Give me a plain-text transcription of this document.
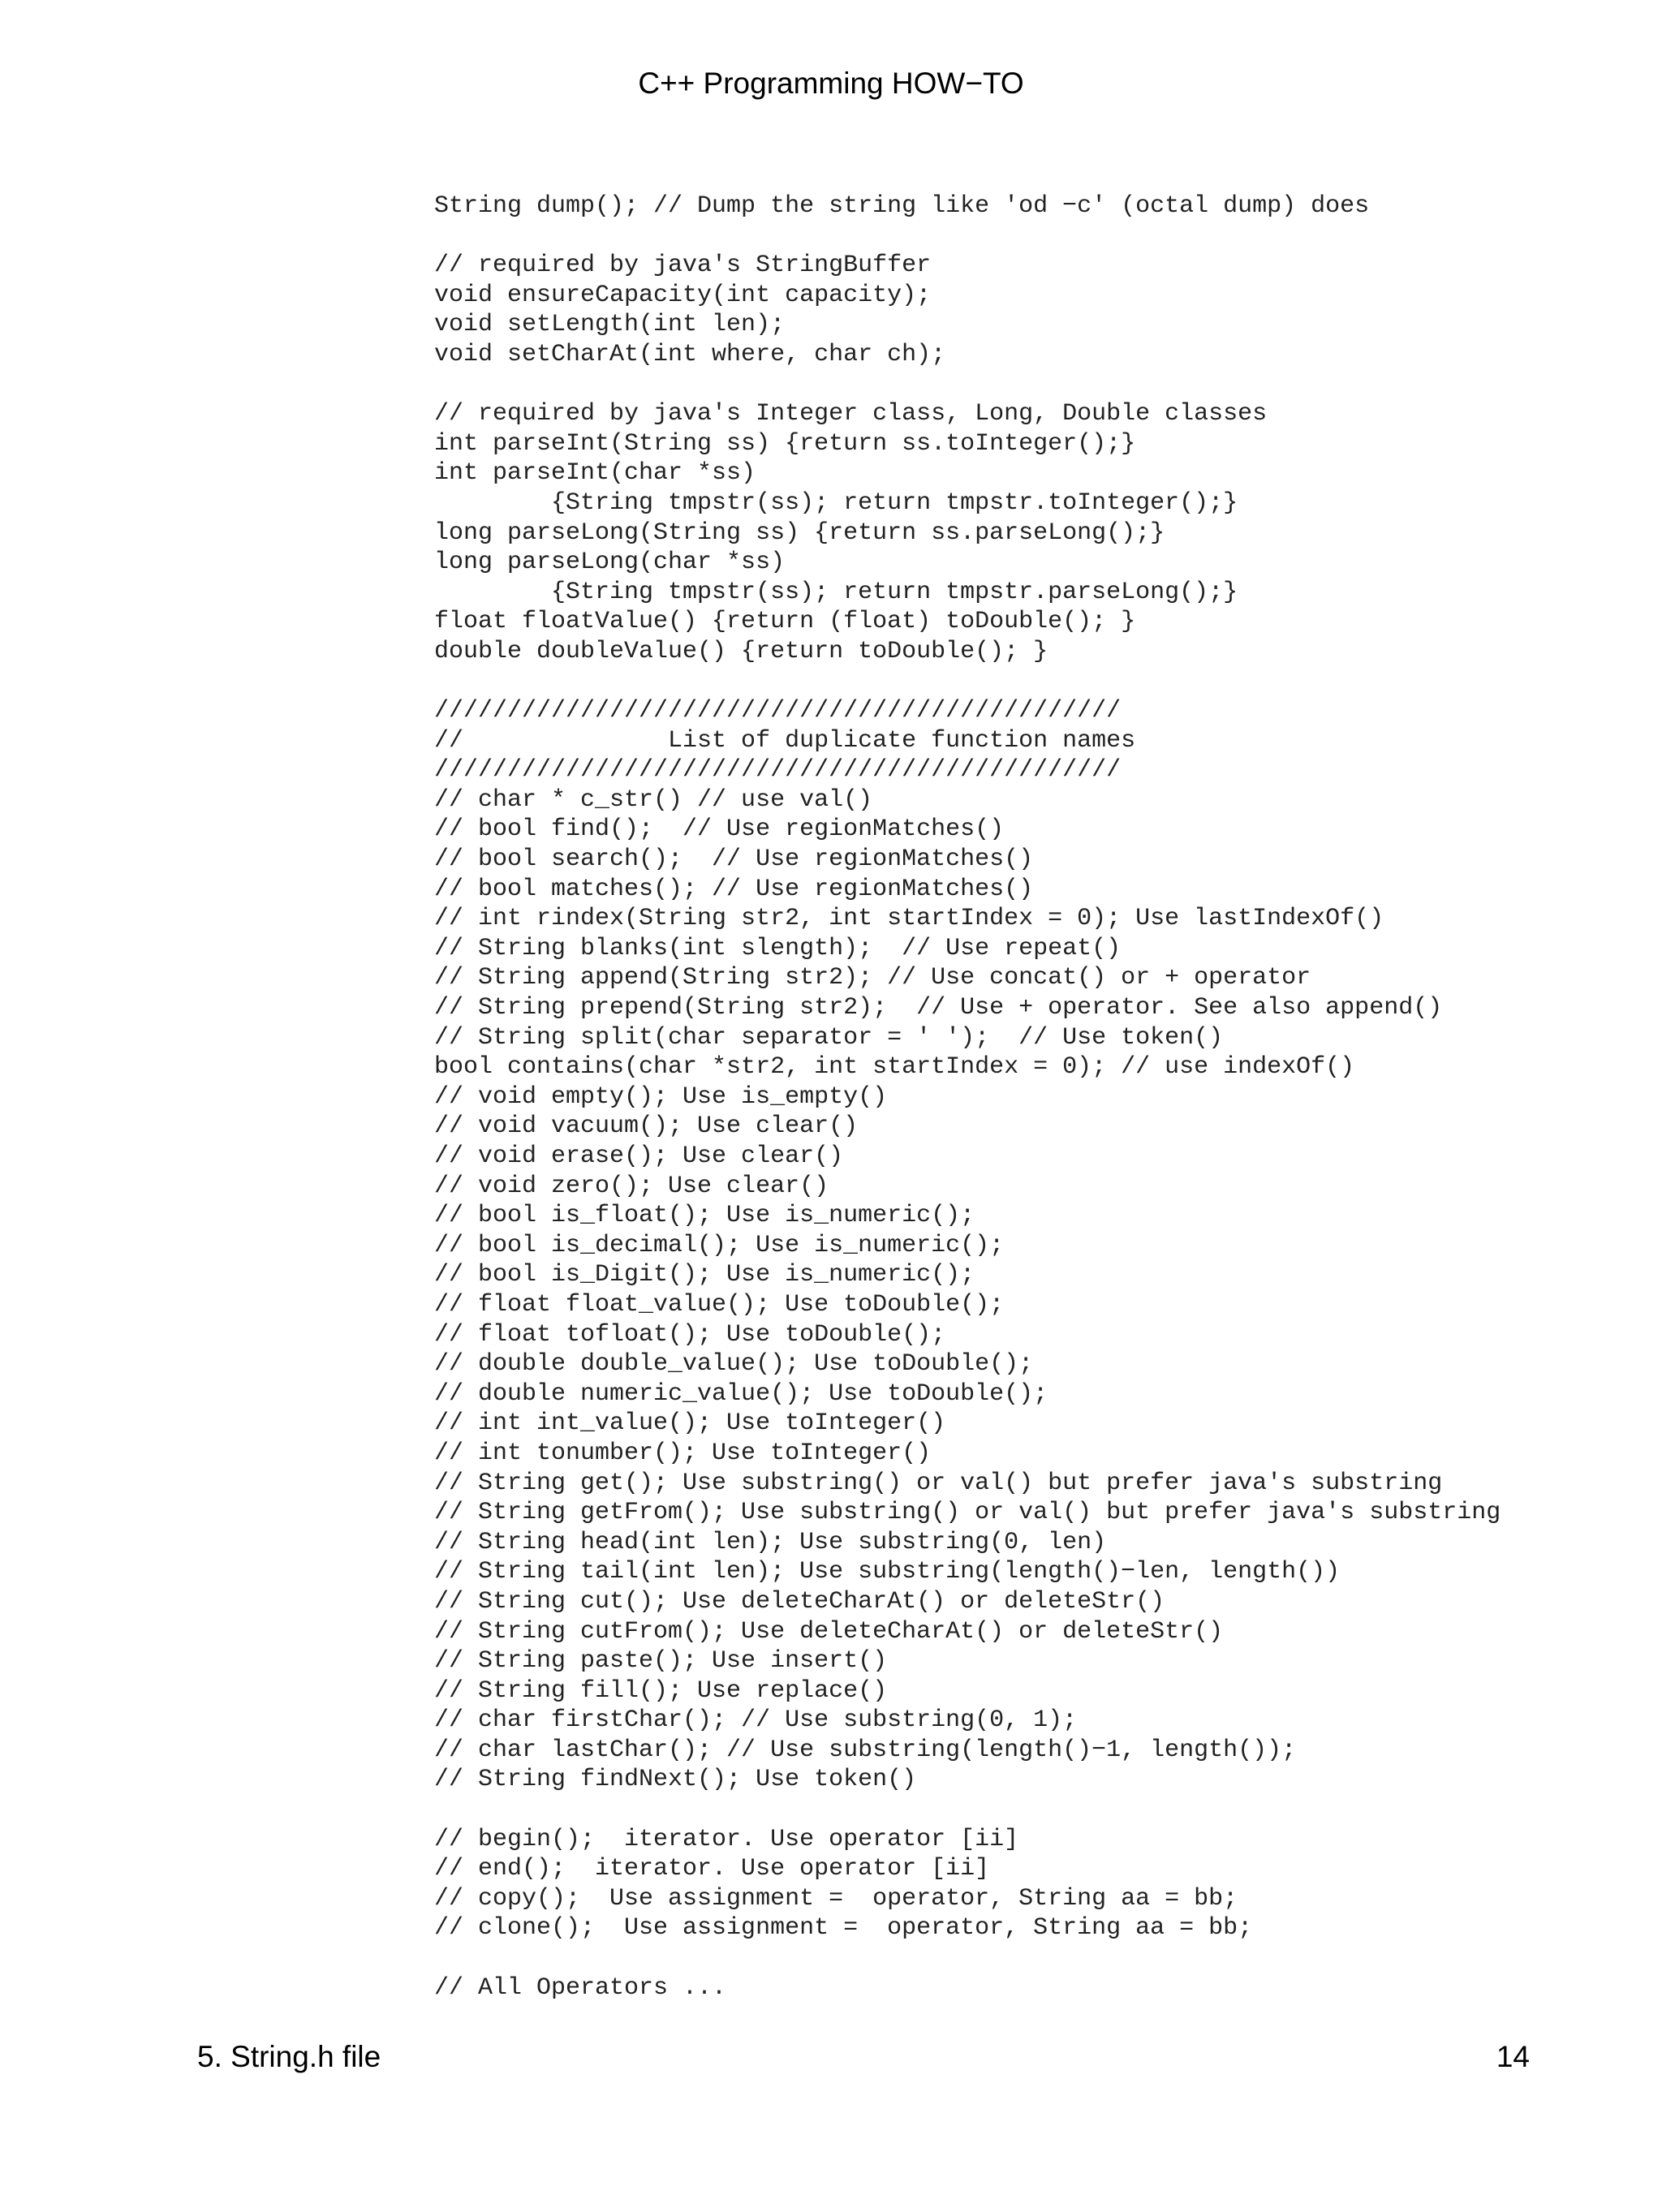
C++ Programming HOW−TO
String dump(); // Dump the string like 'od −c' (octal dump) does
// required by java's StringBuffer
void ensureCapacity(int capacity);
void setLength(int len);
void setCharAt(int where, char ch);
// required by java's Integer class, Long, Double classes
int parseInt(String ss) {return ss.toInteger();}
int parseInt(char *ss)
{String tmpstr(ss); return tmpstr.toInteger();}
long parseLong(String ss) {return ss.parseLong();}
long parseLong(char *ss)
{String tmpstr(ss); return tmpstr.parseLong();}
float floatValue() {return (float) toDouble(); }
double doubleValue() {return toDouble(); }
///////////////////////////////////////////////
//              List of duplicate function names
///////////////////////////////////////////////
// char * c_str() // use val()
// bool find();  // Use regionMatches()
// bool search();  // Use regionMatches()
// bool matches(); // Use regionMatches()
// int rindex(String str2, int startIndex = 0); Use lastIndexOf()
// String blanks(int slength);  // Use repeat()
// String append(String str2); // Use concat() or + operator
// String prepend(String str2);  // Use + operator. See also append()
// String split(char separator = ' ');  // Use token()
bool contains(char *str2, int startIndex = 0); // use indexOf()
// void empty(); Use is_empty()
// void vacuum(); Use clear()
// void erase(); Use clear()
// void zero(); Use clear()
// bool is_float(); Use is_numeric();
// bool is_decimal(); Use is_numeric();
// bool is_Digit(); Use is_numeric();
// float float_value(); Use toDouble();
// float tofloat(); Use toDouble();
// double double_value(); Use toDouble();
// double numeric_value(); Use toDouble();
// int int_value(); Use toInteger()
// int tonumber(); Use toInteger()
// String get(); Use substring() or val() but prefer java's substring
// String getFrom(); Use substring() or val() but prefer java's substring
// String head(int len); Use substring(0, len)
// String tail(int len); Use substring(length()−len, length())
// String cut(); Use deleteCharAt() or deleteStr()
// String cutFrom(); Use deleteCharAt() or deleteStr()
// String paste(); Use insert()
// String fill(); Use replace()
// char firstChar(); // Use substring(0, 1);
// char lastChar(); // Use substring(length()−1, length());
// String findNext(); Use token()
// begin();  iterator. Use operator [ii]
// end();  iterator. Use operator [ii]
// copy();  Use assignment =  operator, String aa = bb;
// clone();  Use assignment =  operator, String aa = bb;
// All Operators ...
5. String.h file	14
